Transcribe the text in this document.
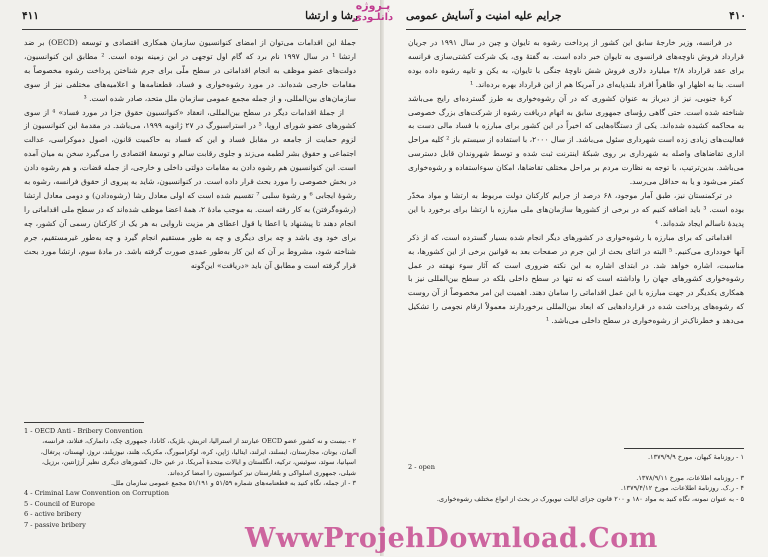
۴۱۱	رشا و ارتشا

جملهٔ این اقدامات می‌توان از امضای کنوانسیون سازمان همکاری اقتصادی و توسعه (OECD) بر ضد ارتشا ¹ در سال ۱۹۹۷ نام برد که گام اول توجهی در این زمینه بوده است. ² مطابق این کنوانسیون، دولت‌های عضو موظف به انجام اقداماتی در سطح ملّی برای جرم شناختن پرداخت رشوه مخصوصاً به مقامات خارجی شده‌اند. در مورد رشوه‌خواری و فساد، قطعنامه‌ها و اعلامیه‌های مختلفی نیز از سوی سازمان‌های بین‌المللی، و از جمله مجمع عمومی سازمان ملل متحد، صادر شده است. ³

از جملهٔ اقدامات دیگر در سطح بین‌المللی، انعقاد «کنوانسیون حقوق جزا در مورد فساد» ⁴ از سوی کشورهای عضو شورای اروپا، ⁵ در استراسبورگ در ۲۷ ژانویه ۱۹۹۹، می‌باشد. در مقدمهٔ این کنوانسیون از لزوم حمایت از جامعه در مقابل فساد و این که فساد به حاکمیت قانون، اصول دموکراسی، عدالت اجتماعی و حقوق بشر لطمه می‌زند و جلوی رقابت سالم و توسعهٔ اقتصادی را می‌گیرد سخن به میان آمده است. این کنوانسیون هم رشوه دادن به مقامات دولتی داخلی و خارجی، از جمله قضات، و هم رشوه دادن در بخش خصوصی را مورد بحث قرار داده است. در کنوانسیون، شاید به پیروی از حقوق فرانسه، رشوه به رشوهٔ ایجابی ⁶ و رشوهٔ سلبی ⁷ تقسیم شده است که اولی معادل رشا (رشوه‌دادن) و دومی معادل ارتشا (رشوه‌گرفتن) به کار رفته است. به موجب مادهٔ ۲، همهٔ اعضا موظف شده‌اند که در سطح ملی اقداماتی را انجام دهند تا پیشنهاد یا اعطا یا قول اعطای هر مزیت ناروایی به هر یک از کارکنان رسمی آن کشور، چه برای خود وی باشد و چه برای دیگری و چه به طور مستقیم انجام گیرد و چه به‌طور غیرمستقیم، جرم شناخته شود، مشروط بر آن که این کار به‌طور عمدی صورت گرفته باشد. در مادهٔ سوم، ارتشا مورد بحث قرار گرفته است و مطابق آن باید «دریافت» این‌گونه

1 - OECD Anti - Bribery Convention
۲ - بیست و نه کشور عضو OECD عبارتند از استرالیا، اتریش، بلژیک، کانادا، جمهوری چک، دانمارک، فنلاند، فرانسه، آلمان، یونان، مجارستان، ایسلند، ایرلند، ایتالیا، ژاپن، کره، لوکزامبورگ، مکزیک، هلند، نیوزیلند، نروژ، لهستان، پرتغال، اسپانیا، سوئد، سوئیس، ترکیه، انگلستان و ایالات متحدهٔ آمریکا. در عین حال، کشورهای دیگری نظیر آرژانتین، برزیل، شیلی، جمهوری اسلواکی و بلغارستان نیز کنوانسیون را امضا کرده‌اند.
۳ - از جمله، نگاه کنید به قطعنامه‌های شماره ۵۱/۵۹ و ۵۱/۱۹۱ مجمع عمومی سازمان ملل.
4 - Criminal Law Convention on Corruption
5 - Council of Europe
6 - active bribery
7 - passive bribery
جرایم علیه امنیت و آسایش عمومی	۴۱۰

در فرانسه، وزیر خارجهٔ سابق این کشور از پرداخت رشوه به تایوان و چین در سال ۱۹۹۱ در جریان قرارداد فروش ناوچه‌های فرانسوی به تایوان خبر داده است. به گفتهٔ وی، یک شرکت کشتی‌سازی فرانسه برای عقد قرارداد ۲/۸ میلیارد دلاری فروش شش ناوچهٔ جنگی با تایوان، به یکن و تایپه رشوه داده بوده است. بنا به اظهار او، ظاهراً افراد بلندپایه‌ای در آمریکا هم از این قرارداد بهره برده‌اند. ¹

کرهٔ جنوبی، نیز از دیرباز به عنوان کشوری که در آن رشوه‌خواری به طرز گسترده‌ای رایج می‌باشد شناخته شده است. حتی گاهی رؤسای جمهوری سابق به اتهام دریافت رشوه از شرکت‌های بزرگ خصوصی به محاکمه کشیده شده‌اند. یکی از دستگاه‌هایی که اخیراً در این کشور برای مبارزه با فساد مالی دست به فعالیت‌های زیادی زده است شهرداری سئول می‌باشد. از سال ۲۰۰۰، با استفاده از سیستم باز ² کلیه مراحل اداری تقاضاهای واصله به شهرداری بر روی شبکهٔ اینترنت ثبت شده و توسط شهروندان قابل دسترسی می‌باشد. بدین‌ترتیب، با توجه به نظارت مردم بر مراحل مختلف تقاضاها، امکان سوءاستفاده و رشوه‌خواری کمتر می‌شود و یا به حداقل می‌رسد.

در ترکمنستان نیز، طبق آمار موجود، ۶۸ درصد از جرایم کارکنان دولت مربوط به ارتشا و مواد مخدّر بوده است. ³ باید اضافه کنیم که در برخی از کشورها سازمان‌های ملی مبارزه با ارتشا برای برخورد با این پدیدهٔ ناسالم ایجاد شده‌اند. ⁴

اقداماتی که برای مبارزه با رشوه‌خواری در کشورهای دیگر انجام شده بسیار گسترده است، که از ذکر آنها خودداری می‌کنیم. ⁵ البته در اثنای بحث از این جرم در صفحات بعد به قوانین برخی از این کشورها، به مناسبت، اشاره خواهد شد. در ابتدای اشاره به این نکته ضروری است که آثار سوء نهفته در عمل رشوه‌خواری کشورهای جهان را واداشته است که نه تنها در سطح داخلی بلکه در سطح بین‌المللی نیز با همکاری یکدیگر در جهت مبارزه با این عمل اقداماتی را سامان دهند. اهمیت این امر مخصوصاً از آن روست که رشوه‌های پرداخت شده در قراردادهایی که ابعاد بین‌المللی برخوردارند معمولاً ارقام نجومی را تشکیل می‌دهد و خطرناک‌تر از رشوه‌خواری در سطح داخلی می‌باشد. ¹

۱ - روزنامهٔ کیهان، مورخ ۱۳۷۹/۹/۹.
2 - open
۳ - روزنامه اطلاعات، مورخ ۱۳۷۸/۹/۱۱.
۴ - ر.ک. روزنامهٔ اطلاعات، مورخ ۱۳۷۹/۴/۱۲.
۵ - به عنوان نمونه، نگاه کنید به مواد ۱۸۰ و ۲۰۰ قانون جزای ایالت نیویورک در بحث از انواع مختلف رشوه‌خواری.
پـروژه
دانلـودی
WwwProjehDownload.Com
